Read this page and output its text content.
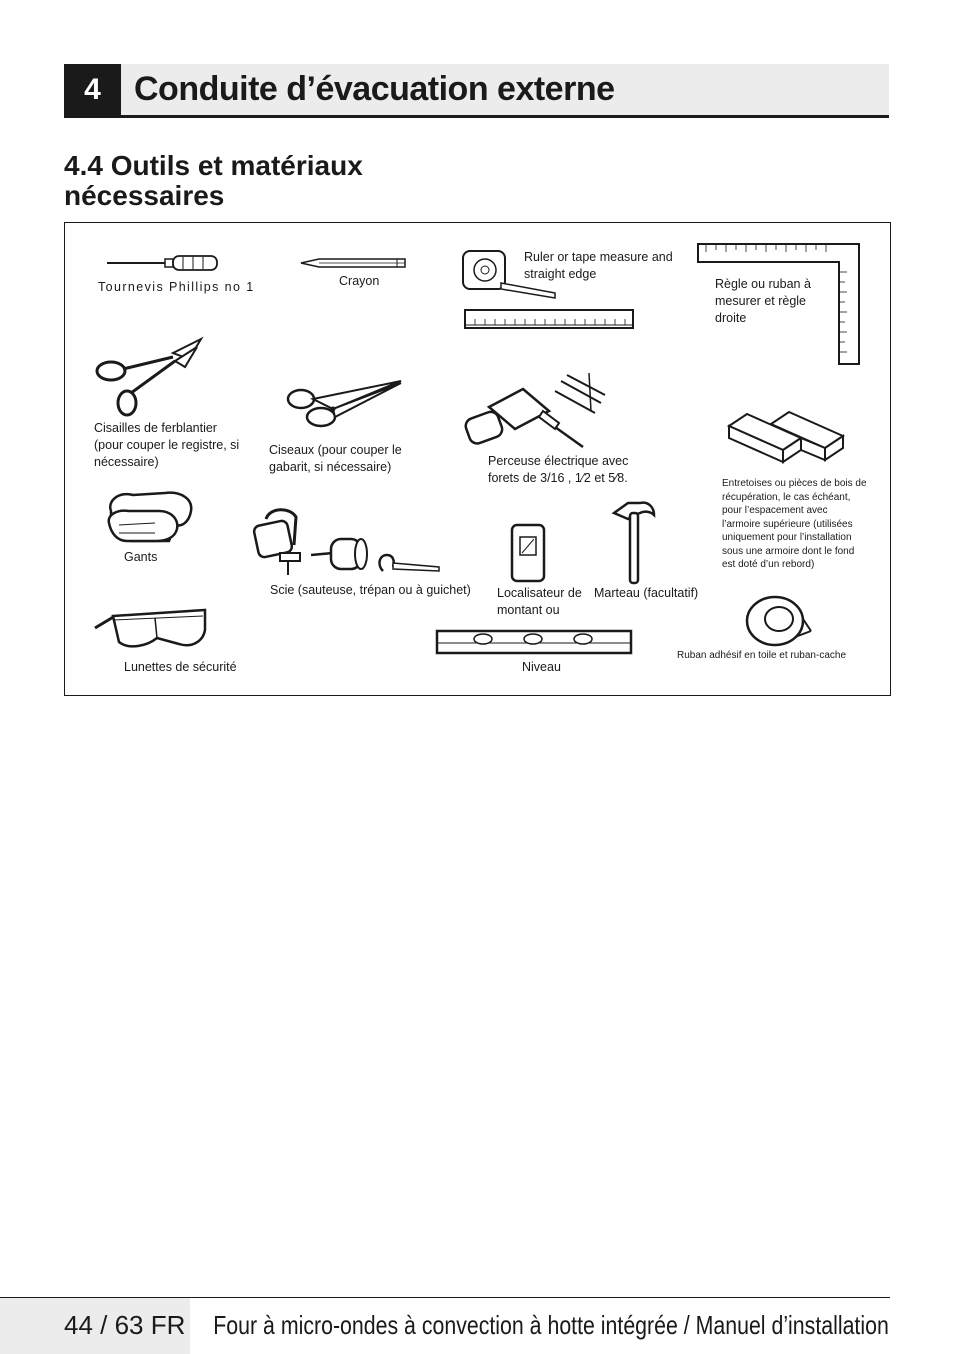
4 Conduite d’évacuation externe
4.4 Outils et matériaux nécessaires
Tournevis Phillips no 1	Crayon
Ruler or tape measure and straight edge
Règle ou ruban à mesurer et règle droite
Cisailles de ferblantier (pour couper le registre, si nécessaire)
Ciseaux (pour couper le gabarit, si nécessaire)	Perceuse électrique avec forets de 3/16 , 1⁄2 et 5⁄8.	Entretoises ou pièces de bois de récupération, le cas échéant, pour l’espacement avec l’armoire supérieure (utilisées uniquement pour l’installation sous une armoire dont le fond est doté d’un rebord)
Gants
Scie (sauteuse, trépan ou à guichet) Localisateur de montant ou
Marteau (facultatif)
Ruban adhésif en toile et ruban-cache
Lunettes de sécurité	Niveau
44 / 63 FR Four à micro-ondes à convection à hotte intégrée / Manuel d’installation
